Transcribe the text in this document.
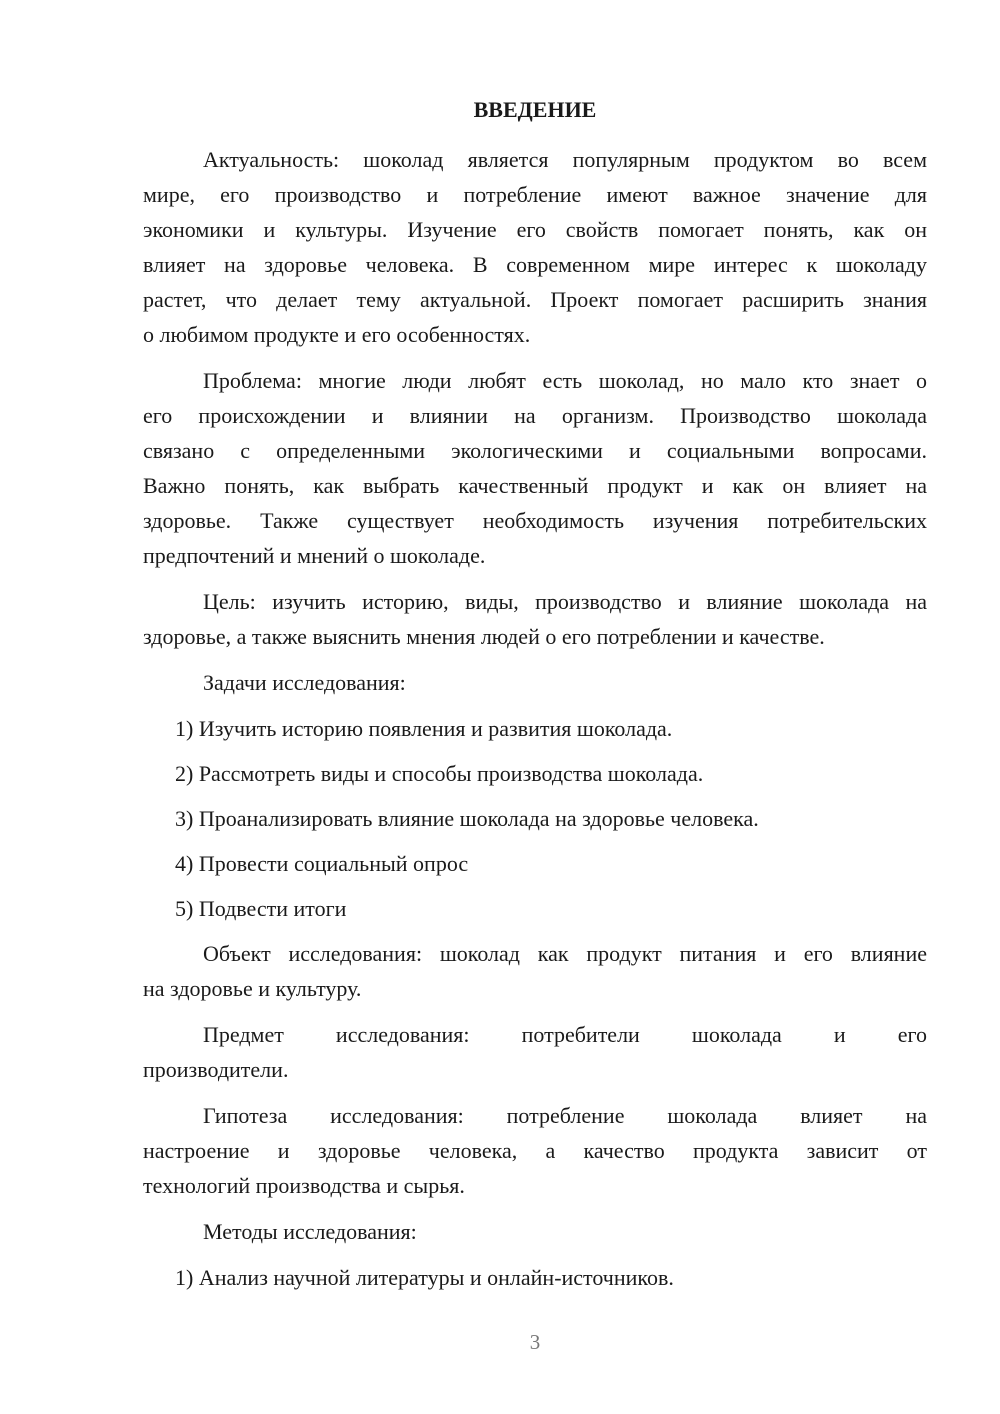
ВВЕДЕНИЕ
Актуальность: шоколад является популярным продуктом во всем
мире, его производство и потребление имеют важное значение для
экономики и культуры. Изучение его свойств помогает понять, как он
влияет на здоровье человека. В современном мире интерес к шоколаду
растет, что делает тему актуальной. Проект помогает расширить знания
о любимом продукте и его особенностях.
Проблема: многие люди любят есть шоколад, но мало кто знает о
его происхождении и влиянии на организм. Производство шоколада
связано с определенными экологическими и социальными вопросами.
Важно понять, как выбрать качественный продукт и как он влияет на
здоровье. Также существует необходимость изучения потребительских
предпочтений и мнений о шоколаде.
Цель: изучить историю, виды, производство и влияние шоколада на
здоровье, а также выяснить мнения людей о его потреблении и качестве.
Задачи исследования:
1) Изучить историю появления и развития шоколада.
2) Рассмотреть виды и способы производства шоколада.
3) Проанализировать влияние шоколада на здоровье человека.
4) Провести социальный опрос
5) Подвести итоги
Объект исследования: шоколад как продукт питания и его влияние
на здоровье и культуру.
Предмет исследования: потребители шоколада и его
производители.
Гипотеза исследования: потребление шоколада влияет на
настроение и здоровье человека, а качество продукта зависит от
технологий производства и сырья.
Методы исследования:
1) Анализ научной литературы и онлайн-источников.
3
